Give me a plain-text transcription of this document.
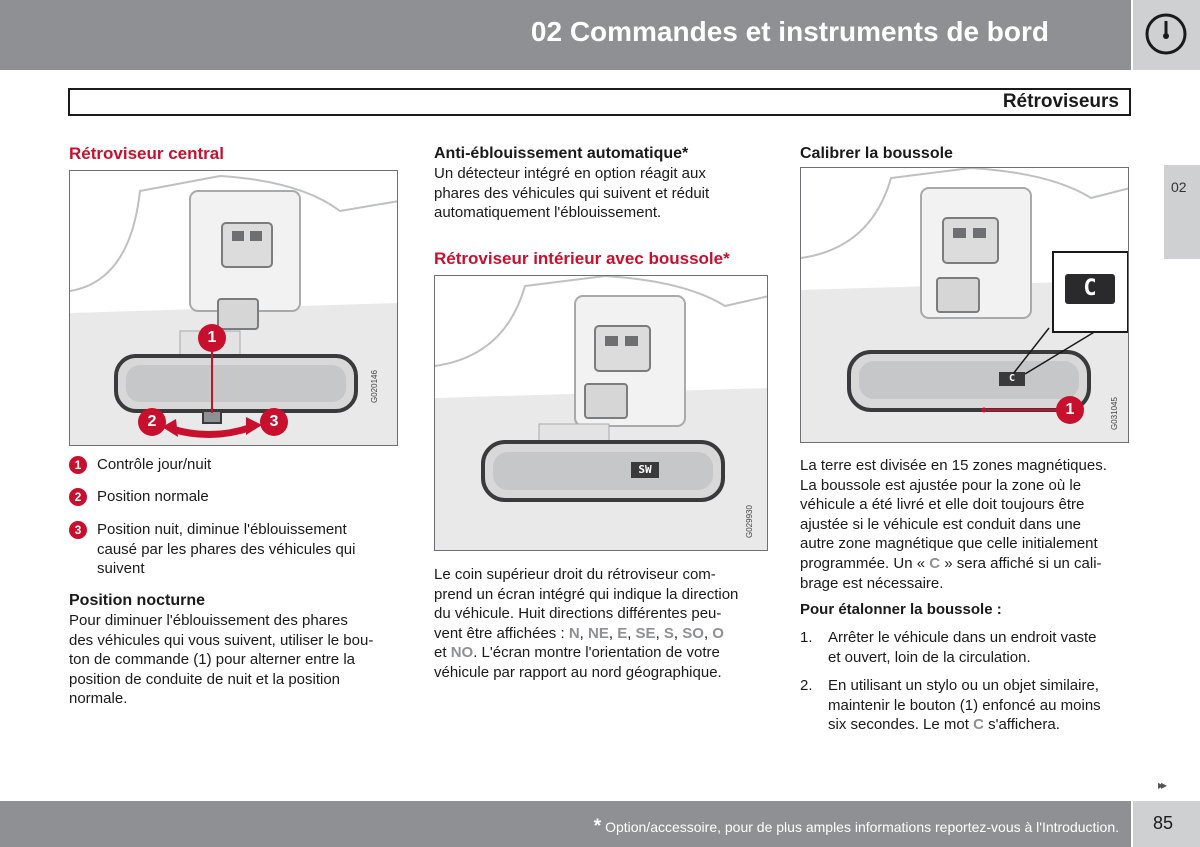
02 Commandes et instruments de bord
Rétroviseurs
02
Rétroviseur central
1
2	3
G020146
1	Contrôle jour/nuit
2	Position normale
3	Position nuit, diminue l'éblouissement
causé par les phares des véhicules qui
suivent
Position nocturne
Pour diminuer l'éblouissement des phares
des véhicules qui vous suivent, utiliser le bou-
ton de commande (1) pour alterner entre la
position de conduite de nuit et la position
normale.
Anti-éblouissement automatique*
Un détecteur intégré en option réagit aux
phares des véhicules qui suivent et réduit
automatiquement l'éblouissement.
Rétroviseur intérieur avec boussole*
SW
G029930
Le coin supérieur droit du rétroviseur com-
prend un écran intégré qui indique la direction
du véhicule. Huit directions différentes peu-
vent être affichées : N, NE, E, SE, S, SO, O
et NO. L'écran montre l'orientation de votre
véhicule par rapport au nord géographique.
Calibrer la boussole
C
C
1	G031045
La terre est divisée en 15 zones magnétiques.
La boussole est ajustée pour la zone où le
véhicule a été livré et elle doit toujours être
ajustée si le véhicule est conduit dans une
autre zone magnétique que celle initialement
programmée. Un « C » sera affiché si un cali-
brage est nécessaire.
Pour étalonner la boussole :
1. Arrêter le véhicule dans un endroit vaste
et ouvert, loin de la circulation.
2. En utilisant un stylo ou un objet similaire,
maintenir le bouton (1) enfoncé au moins
six secondes. Le mot C s'affichera.
▸▸
* Option/accessoire, pour de plus amples informations reportez-vous à l'Introduction. 85
